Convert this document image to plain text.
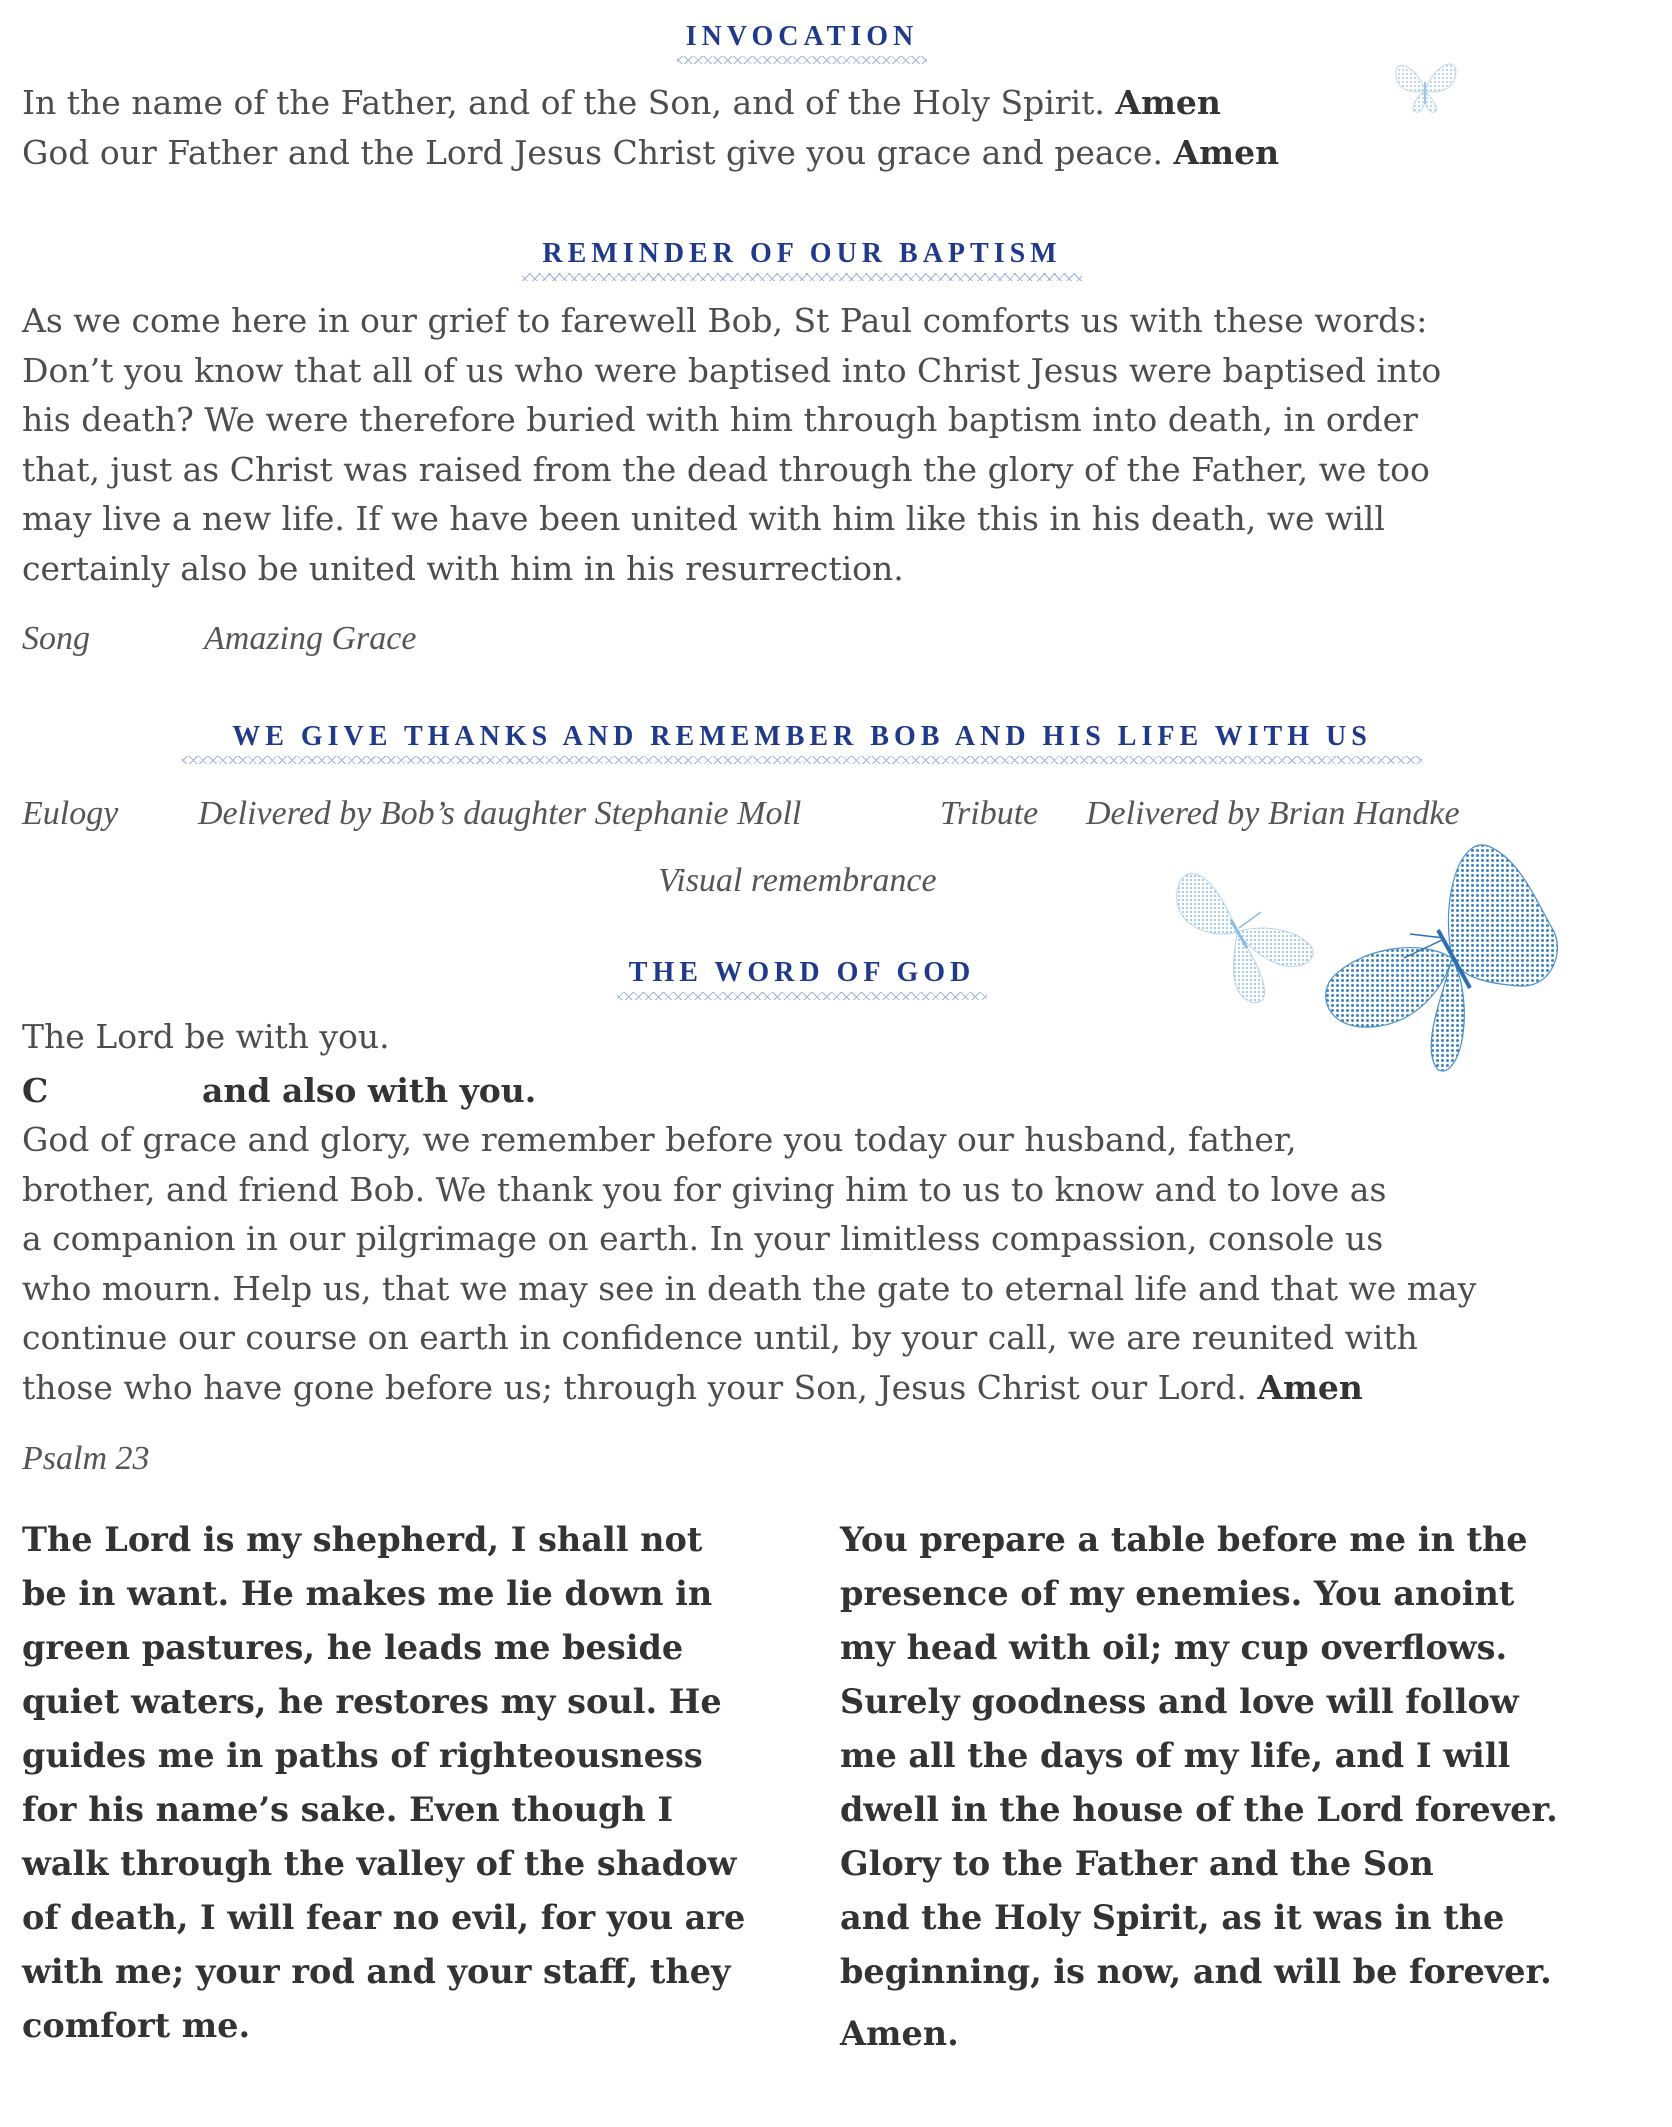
INVOCATION
In the name of the Father, and of the Son, and of the Holy Spirit. Amen
God our Father and the Lord Jesus Christ give you grace and peace. Amen
REMINDER OF OUR BAPTISM
As we come here in our grief to farewell Bob, St Paul comforts us with these words:
Don’t you know that all of us who were baptised into Christ Jesus were baptised into
his death? We were therefore buried with him through baptism into death, in order
that, just as Christ was raised from the dead through the glory of the Father, we too
may live a new life. If we have been united with him like this in his death, we will
certainly also be united with him in his resurrection.
Song	Amazing Grace
WE GIVE THANKS AND REMEMBER BOB AND HIS LIFE WITH US
Eulogy Delivered by Bob’s daughter Stephanie Moll	Tribute Delivered by Brian Handke
Visual remembrance
THE WORD OF GOD
The Lord be with you.
C	and also with you.
God of grace and glory, we remember before you today our husband, father,
brother, and friend Bob. We thank you for giving him to us to know and to love as
a companion in our pilgrimage on earth. In your limitless compassion, console us
who mourn. Help us, that we may see in death the gate to eternal life and that we may
continue our course on earth in confidence until, by your call, we are reunited with
those who have gone before us; through your Son, Jesus Christ our Lord. Amen
Psalm 23
The Lord is my shepherd, I shall not
be in want. He makes me lie down in
green pastures, he leads me beside
quiet waters, he restores my soul. He
guides me in paths of righteousness
for his name’s sake. Even though I
walk through the valley of the shadow
of death, I will fear no evil, for you are
with me; your rod and your staff, they
comfort me.
You prepare a table before me in the
presence of my enemies. You anoint
my head with oil; my cup overflows.
Surely goodness and love will follow
me all the days of my life, and I will
dwell in the house of the Lord forever.
Glory to the Father and the Son
and the Holy Spirit, as it was in the
beginning, is now, and will be forever.
Amen.
